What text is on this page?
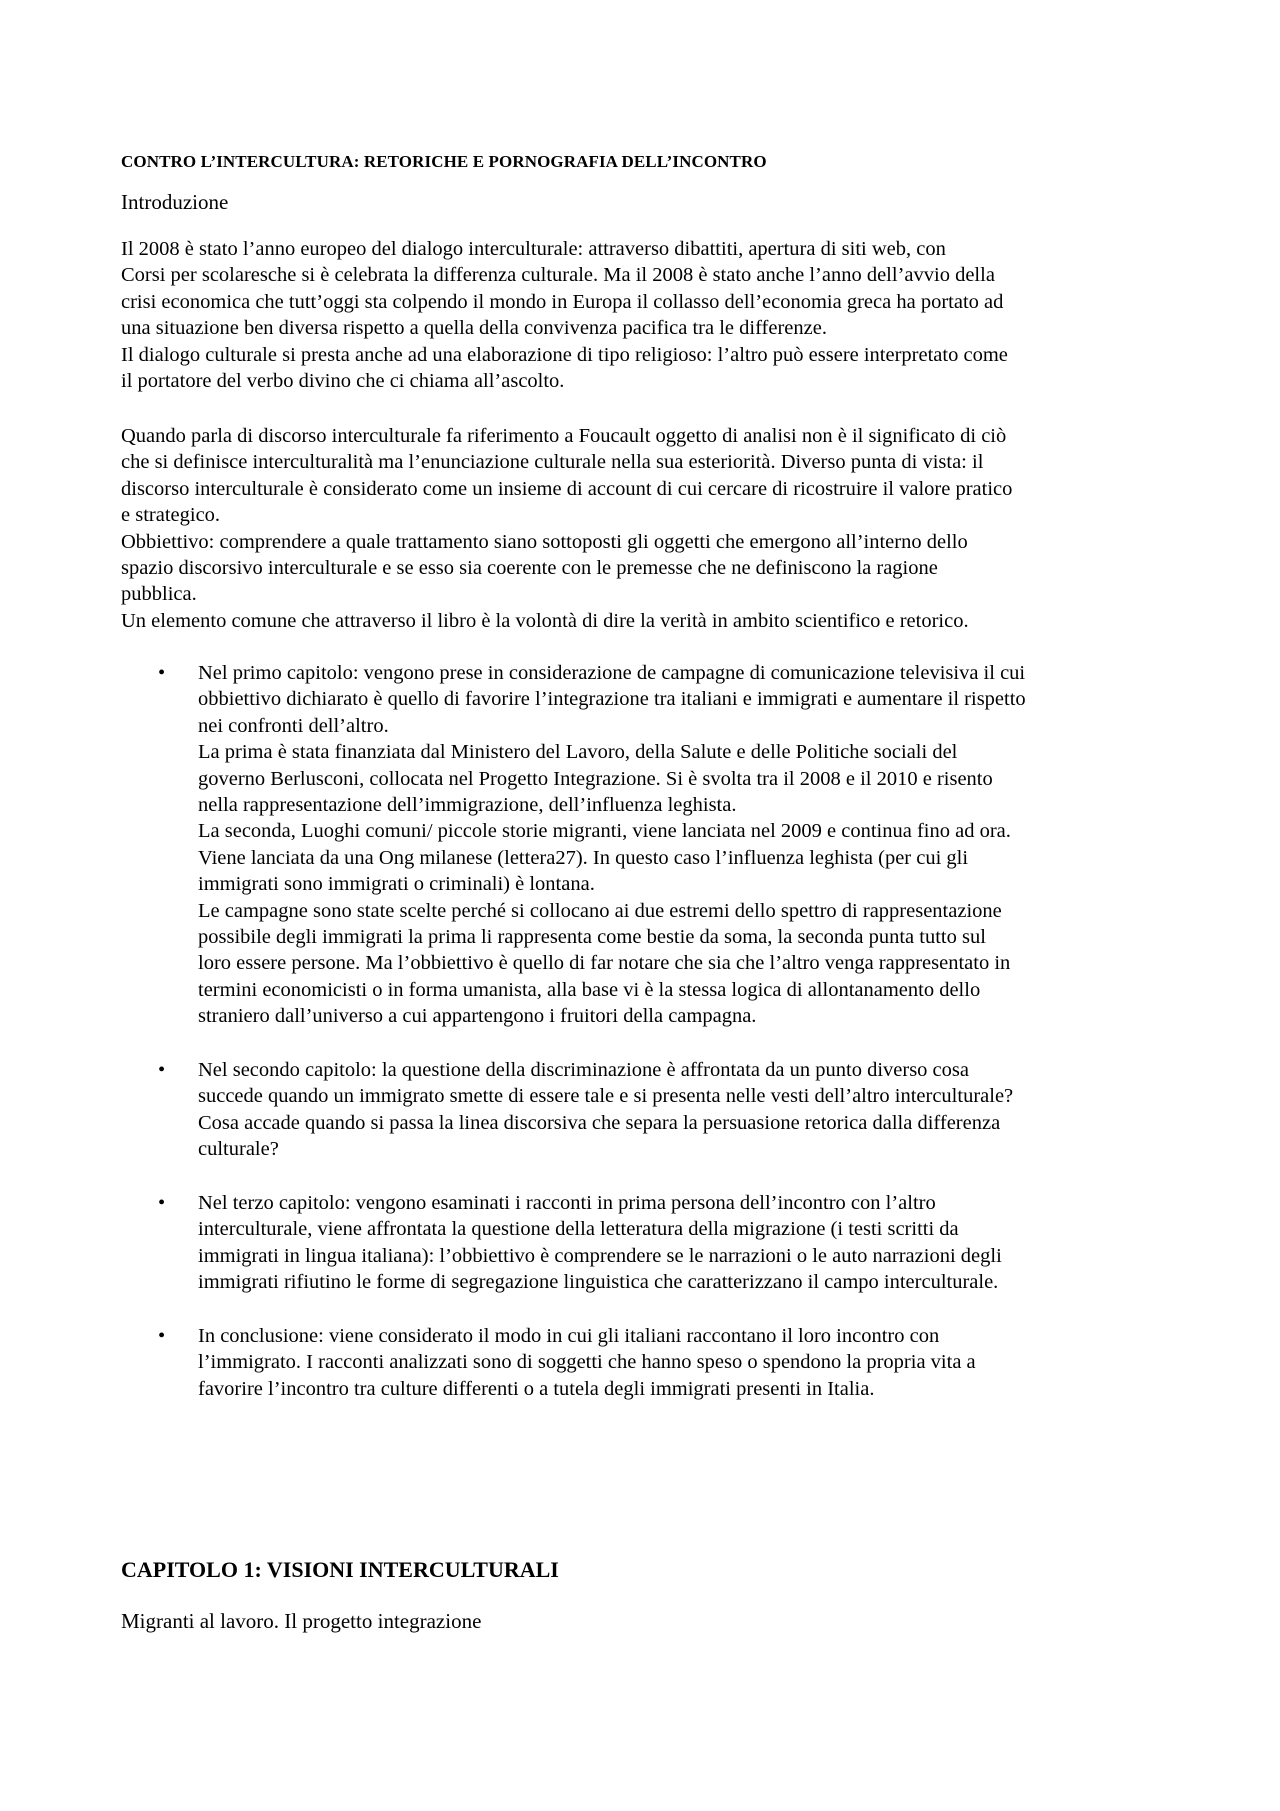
CONTRO L’INTERCULTURA: RETORICHE E PORNOGRAFIA DELL’INCONTRO
Introduzione

Il 2008 è stato l’anno europeo del dialogo interculturale: attraverso dibattiti, apertura di siti web, con
Corsi per scolaresche si è celebrata la differenza culturale. Ma il 2008 è stato anche l’anno dell’avvio della
crisi economica che tutt’oggi sta colpendo il mondo in Europa il collasso dell’economia greca ha portato ad
una situazione ben diversa rispetto a quella della convivenza pacifica tra le differenze.
Il dialogo culturale si presta anche ad una elaborazione di tipo religioso: l’altro può essere interpretato come
il portatore del verbo divino che ci chiama all’ascolto.

Quando parla di discorso interculturale fa riferimento a Foucault oggetto di analisi non è il significato di ciò
che si definisce interculturalità ma l’enunciazione culturale nella sua esteriorità. Diverso punta di vista: il
discorso interculturale è considerato come un insieme di account di cui cercare di ricostruire il valore pratico
e strategico.
Obbiettivo: comprendere a quale trattamento siano sottoposti gli oggetti che emergono all’interno dello
spazio discorsivo interculturale e se esso sia coerente con le premesse che ne definiscono la ragione
pubblica.
Un elemento comune che attraverso il libro è la volontà di dire la verità in ambito scientifico e retorico.

• Nel primo capitolo: vengono prese in considerazione de campagne di comunicazione televisiva il cui
obbiettivo dichiarato è quello di favorire l’integrazione tra italiani e immigrati e aumentare il rispetto
nei confronti dell’altro.
La prima è stata finanziata dal Ministero del Lavoro, della Salute e delle Politiche sociali del
governo Berlusconi, collocata nel Progetto Integrazione. Si è svolta tra il 2008 e il 2010 e risento
nella rappresentazione dell’immigrazione, dell’influenza leghista.
La seconda, Luoghi comuni/ piccole storie migranti, viene lanciata nel 2009 e continua fino ad ora.
Viene lanciata da una Ong milanese (lettera27). In questo caso l’influenza leghista (per cui gli
immigrati sono immigrati o criminali) è lontana.
Le campagne sono state scelte perché si collocano ai due estremi dello spettro di rappresentazione
possibile degli immigrati la prima li rappresenta come bestie da soma, la seconda punta tutto sul
loro essere persone. Ma l’obbiettivo è quello di far notare che sia che l’altro venga rappresentato in
termini economicisti o in forma umanista, alla base vi è la stessa logica di allontanamento dello
straniero dall’universo a cui appartengono i fruitori della campagna.
• Nel secondo capitolo: la questione della discriminazione è affrontata da un punto diverso cosa
succede quando un immigrato smette di essere tale e si presenta nelle vesti dell’altro interculturale?
Cosa accade quando si passa la linea discorsiva che separa la persuasione retorica dalla differenza
culturale?
• Nel terzo capitolo: vengono esaminati i racconti in prima persona dell’incontro con l’altro
interculturale, viene affrontata la questione della letteratura della migrazione (i testi scritti da
immigrati in lingua italiana): l’obbiettivo è comprendere se le narrazioni o le auto narrazioni degli
immigrati rifiutino le forme di segregazione linguistica che caratterizzano il campo interculturale.
• In conclusione: viene considerato il modo in cui gli italiani raccontano il loro incontro con
l’immigrato. I racconti analizzati sono di soggetti che hanno speso o spendono la propria vita a
favorire l’incontro tra culture differenti o a tutela degli immigrati presenti in Italia.
CAPITOLO 1: VISIONI INTERCULTURALI
Migranti al lavoro. Il progetto integrazione
